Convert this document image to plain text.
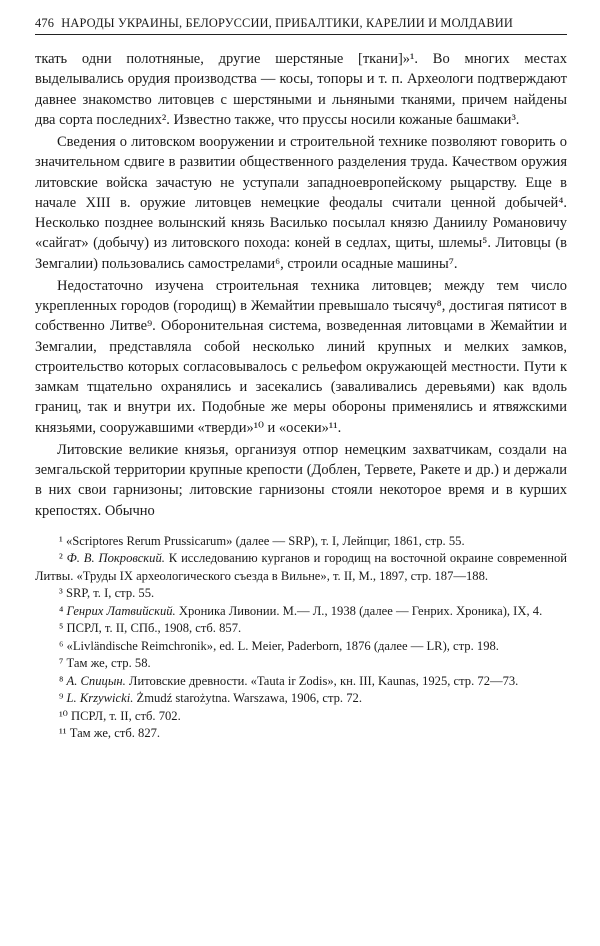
476 НАРОДЫ УКРАИНЫ, БЕЛОРУССИИ, ПРИБАЛТИКИ, КАРЕЛИИ И МОЛДАВИИ

ткать одни полотняные, другие шерстяные [ткани]»¹. Во многих местах выделывались орудия производства — косы, топоры и т. п. Археологи подтверждают давнее знакомство литовцев с шерстяными и льняными тканями, причем найдены два сорта последних². Известно также, что пруссы носили кожаные башмаки³.

Сведения о литовском вооружении и строительной технике позволяют говорить о значительном сдвиге в развитии общественного разделения труда. Качеством оружия литовские войска зачастую не уступали западноевропейскому рыцарству. Еще в начале XIII в. оружие литовцев немецкие феодалы считали ценной добычей⁴. Несколько позднее волынский князь Василько посылал князю Даниилу Романовичу «сайгат» (добычу) из литовского похода: коней в седлах, щиты, шлемы⁵. Литовцы (в Земгалии) пользовались самострелами⁶, строили осадные машины⁷.

Недостаточно изучена строительная техника литовцев; между тем число укрепленных городов (городищ) в Жемайтии превышало тысячу⁸, достигая пятисот в собственно Литве⁹. Оборонительная система, возведенная литовцами в Жемайтии и Земгалии, представляла собой несколько линий крупных и мелких замков, строительство которых согласовывалось с рельефом окружающей местности. Пути к замкам тщательно охранялись и засекались (заваливались деревьями) как вдоль границ, так и внутри их. Подобные же меры обороны применялись и ятвяжскими князьями, сооружавшими «тверди»¹⁰ и «осеки»¹¹.

Литовские великие князья, организуя отпор немецким захватчикам, создали на земгальской территории крупные крепости (Доблен, Тервете, Ракете и др.) и держали в них свои гарнизоны; литовские гарнизоны стояли некоторое время и в курших крепостях. Обычно

¹ «Scriptores Rerum Prussicarum» (далее — SRP), т. I, Лейпциг, 1861, стр. 55.

² Ф. В. Покровский. К исследованию курганов и городищ на восточной окраине современной Литвы. «Труды IX археологического съезда в Вильне», т. II, М., 1897, стр. 187—188.

³ SRP, т. I, стр. 55.

⁴ Генрих Латвийский. Хроника Ливонии. М.— Л., 1938 (далее — Генрих. Хроника), IX, 4.

⁵ ПСРЛ, т. II, СПб., 1908, стб. 857.

⁶ «Livländische Reimchronik», ed. L. Meier, Paderborn, 1876 (далее — LR), стр. 198.

⁷ Там же, стр. 58.

⁸ А. Спицын. Литовские древности. «Tauta ir Zodis», кн. III, Kaunas, 1925, стр. 72—73.

⁹ L. Krzywicki. Żmudź starożytna. Warszawa, 1906, стр. 72.

¹⁰ ПСРЛ, т. II, стб. 702.

¹¹ Там же, стб. 827.
